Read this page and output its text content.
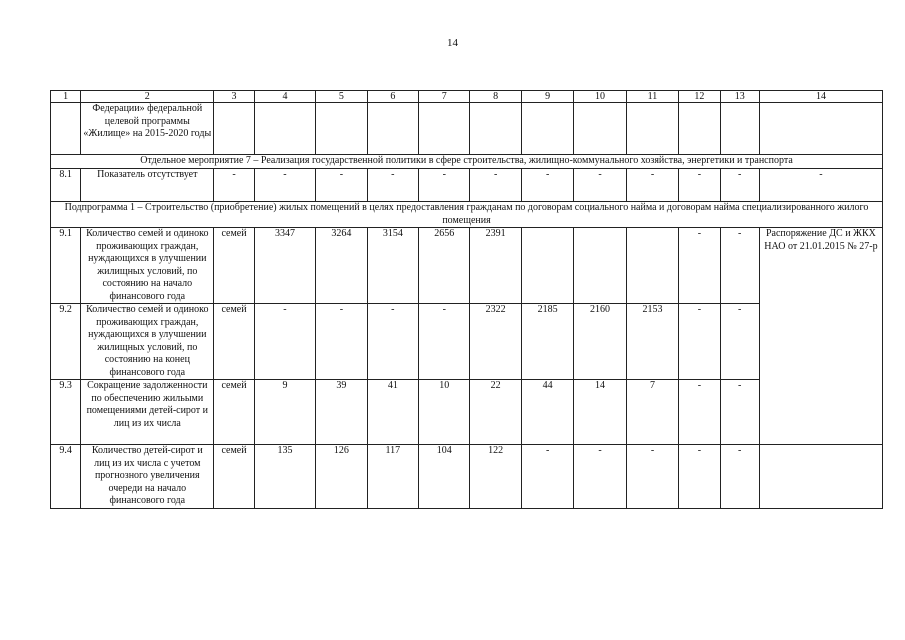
14
1	2	3	4	5	6	7	8	9	10	11	12	13	14
	Федерации» федеральной целевой программы «Жилище» на 2015-2020 годы												
Отдельное мероприятие 7 – Реализация государственной политики в сфере строительства, жилищно-коммунального хозяйства, энергетики и транспорта													
8.1	Показатель отсутствует	-	-	-	-	-	-	-	-	-	-	-	-
Подпрограмма 1 – Строительство (приобретение) жилых помещений в целях предоставления гражданам по договорам социального найма и договорам найма специализированного жилого помещения													
9.1	Количество семей и одиноко проживающих граждан, нуждающихся в улучшении жилищных условий, по состоянию на начало финансового года	семей	3347	3264	3154	2656	2391				-	-	Распоряжение ДС и ЖКХ НАО от 21.01.2015 № 27-р
9.2	Количество семей и одиноко проживающих граждан, нуждающихся в улучшении жилищных условий, по состоянию на конец финансового года	семей	-	-	-	-	2322	2185	2160	2153	-	-	
9.3	Сокращение задолженности по обеспечению жильыми помещениями детей-сирот и лиц из их числа	семей	9	39	41	10	22	44	14	7	-	-	
9.4	Количество детей-сирот и лиц из их числа с учетом прогнозного увеличения очереди на начало финансового года	семей	135	126	117	104	122	-	-	-	-	-	
